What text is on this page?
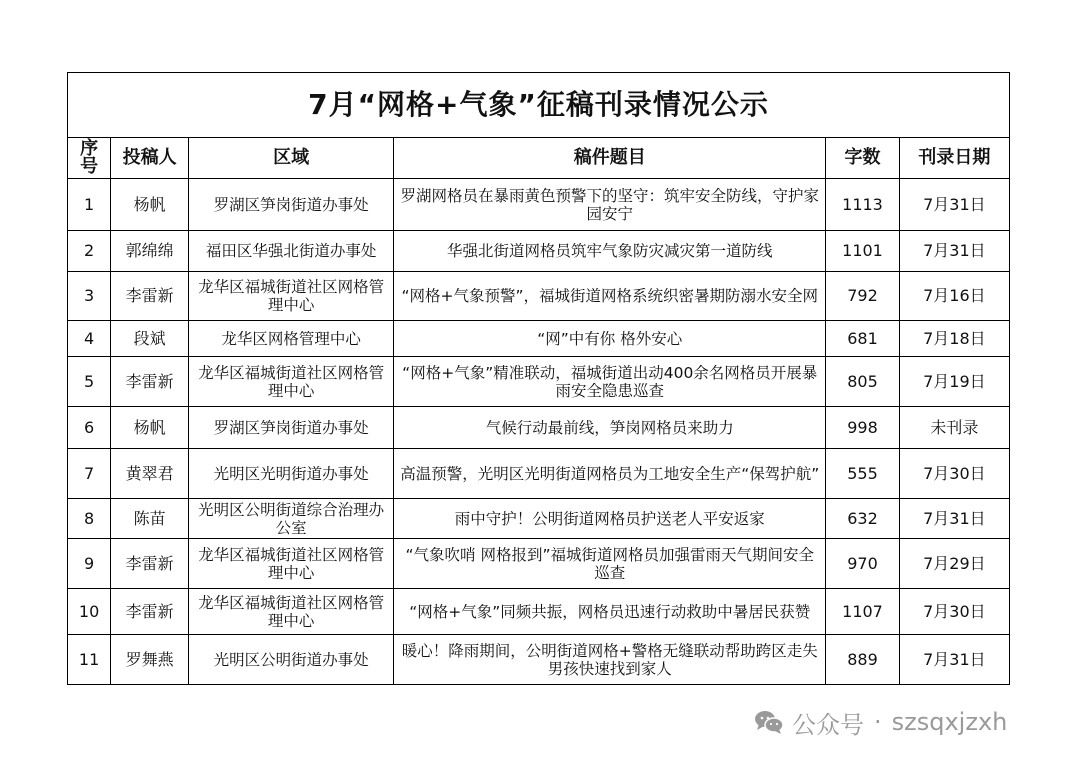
7月“网格+气象”征稿刊录情况公示					
序号	投稿人	区域	稿件题目	字数	刊录日期
1	杨帆	罗湖区笋岗街道办事处	罗湖网格员在暴雨黄色预警下的坚守：筑牢安全防线，守护家园安宁	1113	7月31日
2	郭绵绵	福田区华强北街道办事处	华强北街道网格员筑牢气象防灾减灾第一道防线	1101	7月31日
3	李雷新	龙华区福城街道社区网格管理中心	“网格+气象预警”，福城街道网格系统织密暑期防溺水安全网	792	7月16日
4	段斌	龙华区网格管理中心	“网”中有你 格外安心	681	7月18日
5	李雷新	龙华区福城街道社区网格管理中心	“网格+气象”精准联动，福城街道出动400余名网格员开展暴雨安全隐患巡查	805	7月19日
6	杨帆	罗湖区笋岗街道办事处	气候行动最前线，笋岗网格员来助力	998	未刊录
7	黄翠君	光明区光明街道办事处	高温预警，光明区光明街道网格员为工地安全生产“保驾护航”	555	7月30日
8	陈苗	光明区公明街道综合治理办公室	雨中守护！公明街道网格员护送老人平安返家	632	7月31日
9	李雷新	龙华区福城街道社区网格管理中心	“气象吹哨 网格报到”福城街道网格员加强雷雨天气期间安全巡查	970	7月29日
10	李雷新	龙华区福城街道社区网格管理中心	“网格+气象”同频共振，网格员迅速行动救助中暑居民获赞	1107	7月30日
11	罗舞燕	光明区公明街道办事处	暖心！降雨期间，公明街道网格+警格无缝联动帮助跨区走失男孩快速找到家人	889	7月31日
公众号 · szsqxjzxh
